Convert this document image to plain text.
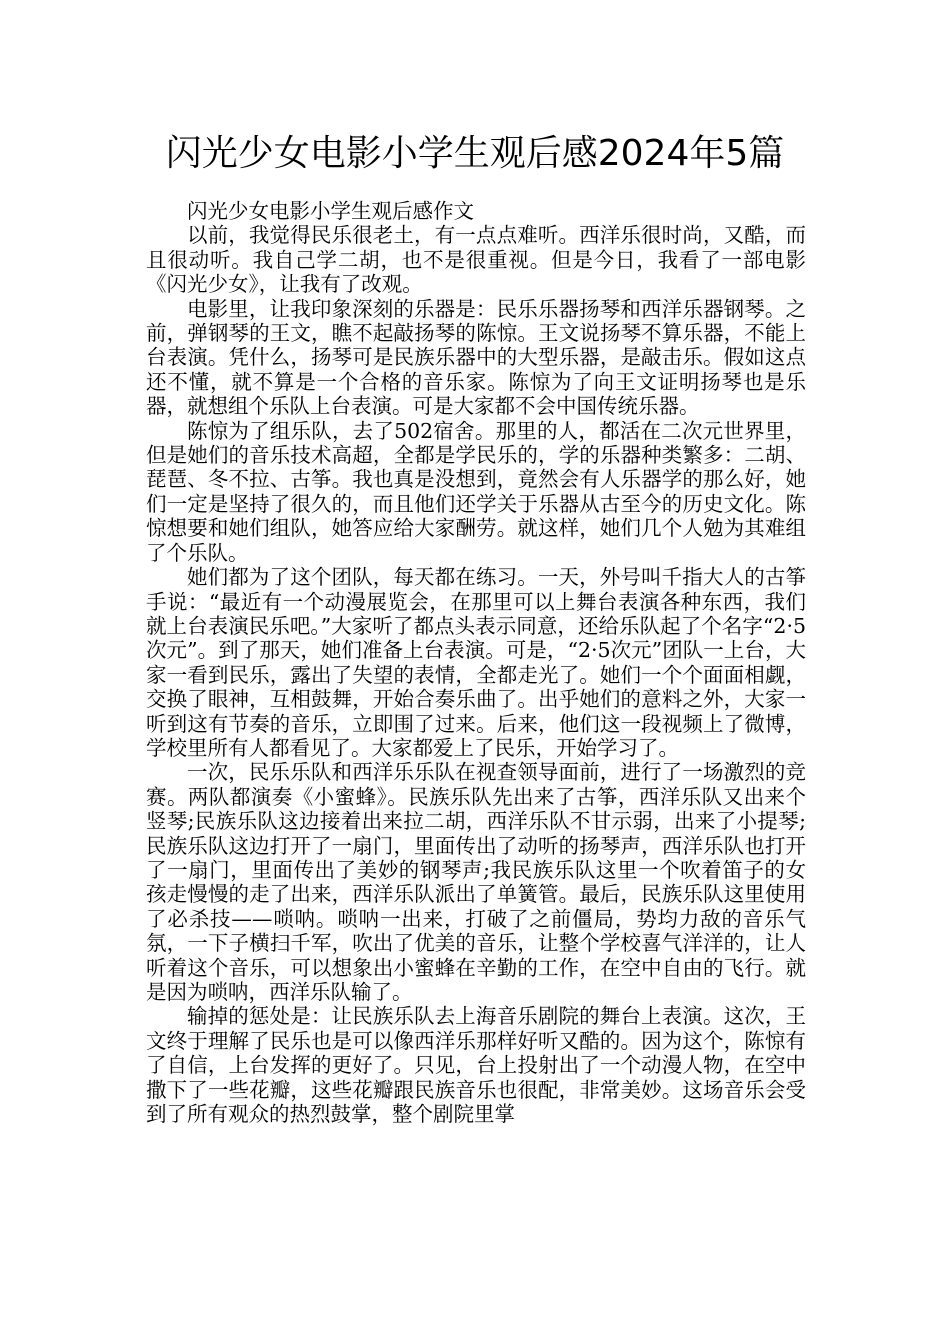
闪光少女电影小学生观后感2024年5篇

闪光少女电影小学生观后感作文

以前，我觉得民乐很老土，有一点点难听。西洋乐很时尚，又酷，而且很动听。我自己学二胡，也不是很重视。但是今日，我看了一部电影《闪光少女》，让我有了改观。

电影里，让我印象深刻的乐器是：民乐乐器扬琴和西洋乐器钢琴。之前，弹钢琴的王文，瞧不起敲扬琴的陈惊。王文说扬琴不算乐器，不能上台表演。凭什么，扬琴可是民族乐器中的大型乐器，是敲击乐。假如这点还不懂，就不算是一个合格的音乐家。陈惊为了向王文证明扬琴也是乐器，就想组个乐队上台表演。可是大家都不会中国传统乐器。

陈惊为了组乐队，去了502宿舍。那里的人，都活在二次元世界里，但是她们的音乐技术高超，全都是学民乐的，学的乐器种类繁多：二胡、琵琶、冬不拉、古筝。我也真是没想到，竟然会有人乐器学的那么好，她们一定是坚持了很久的，而且他们还学关于乐器从古至今的历史文化。陈惊想要和她们组队，她答应给大家酬劳。就这样，她们几个人勉为其难组了个乐队。

她们都为了这个团队，每天都在练习。一天，外号叫千指大人的古筝手说：“最近有一个动漫展览会，在那里可以上舞台表演各种东西，我们就上台表演民乐吧。”大家听了都点头表示同意，还给乐队起了个名字“2·5次元”。到了那天，她们准备上台表演。可是，“2·5次元”团队一上台，大家一看到民乐，露出了失望的表情，全都走光了。她们一个个面面相觑，交换了眼神，互相鼓舞，开始合奏乐曲了。出乎她们的意料之外，大家一听到这有节奏的音乐，立即围了过来。后来，他们这一段视频上了微博，学校里所有人都看见了。大家都爱上了民乐，开始学习了。

一次，民乐乐队和西洋乐乐队在视查领导面前，进行了一场激烈的竞赛。两队都演奏《小蜜蜂》。民族乐队先出来了古筝，西洋乐队又出来个竖琴;民族乐队这边接着出来拉二胡，西洋乐队不甘示弱，出来了小提琴;民族乐队这边打开了一扇门，里面传出了动听的扬琴声，西洋乐队也打开了一扇门，里面传出了美妙的钢琴声;我民族乐队这里一个吹着笛子的女孩走慢慢的走了出来，西洋乐队派出了单簧管。最后，民族乐队这里使用了必杀技——唢呐。唢呐一出来，打破了之前僵局，势均力敌的音乐气氛，一下子横扫千军，吹出了优美的音乐，让整个学校喜气洋洋的，让人听着这个音乐，可以想象出小蜜蜂在辛勤的工作，在空中自由的飞行。就是因为唢呐，西洋乐队输了。

输掉的惩处是：让民族乐队去上海音乐剧院的舞台上表演。这次，王文终于理解了民乐也是可以像西洋乐那样好听又酷的。因为这个，陈惊有了自信，上台发挥的更好了。只见，台上投射出了一个动漫人物，在空中撒下了一些花瓣，这些花瓣跟民族音乐也很配，非常美妙。这场音乐会受到了所有观众的热烈鼓掌，整个剧院里掌
